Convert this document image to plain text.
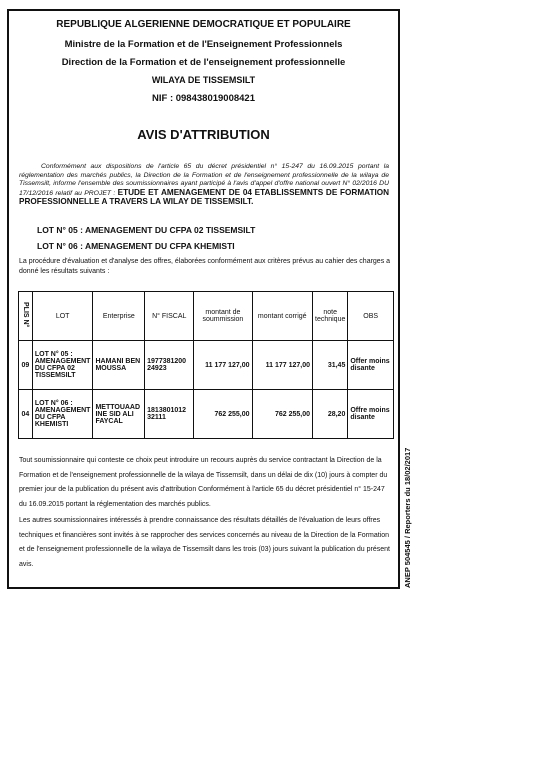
REPUBLIQUE ALGERIENNE DEMOCRATIQUE ET POPULAIRE
Ministre de la Formation et de l'Enseignement Professionnels
Direction de la Formation et de l'enseignement professionnelle
WILAYA DE TISSEMSILT
NIF : 098438019008421
AVIS D'ATTRIBUTION
Conformément aux dispositions de l'article 65 du décret présidentiel n° 15-247 du 16.09.2015 portant la réglementation des marchés publics, la Direction de la Formation et de l'enseignement professionnelle de la wilaya de Tissemsilt, informe l'ensemble des soumissionnaires ayant participé à l'avis d'appel d'offre national ouvert N° 02/2016 DU 17/12/2016 relatif au PROJET : ETUDE ET AMENAGEMENT DE 04 ETABLISSEMNTS DE FORMATION PROFESSIONNELLE A TRAVERS LA WILAY DE TISSEMSILT.
LOT N° 05 : AMENAGEMENT DU CFPA 02 TISSEMSILT
LOT N° 06 : AMENAGEMENT DU CFPA KHEMISTI
La procédure d'évaluation et d'analyse des offres, élaborées conformément aux critères prévus au cahier des charges a donné les résultats suivants :
PLIS N°	LOT	Enterprise	N° FISCAL	montant de soummission	montant corrigé	note technique	OBS
09	LOT N° 05 : AMENAGEMENT DU CFPA 02 TISSEMSILT	HAMANI BEN MOUSSA	1977381200 24923	11 177 127,00	11 177 127,00	31,45	Offer moins disante
04	LOT N° 06 : AMENAGEMENT DU CFPA KHEMISTI	METTOUAAD INE SID ALI FAYCAL	1813801012 32111	762 255,00	762 255,00	28,20	Offre moins disante

Tout soumissionnaire qui conteste ce choix peut introduire un recours auprès du service contractant la Direction de la Formation et de l'enseignement professionnelle de la wilaya de Tissemsilt, dans un délai de dix (10) jours à compter du premier jour de la publication du présent avis d'attribution Conformément à l'article 65 du décret présidentiel n° 15-247 du 16.09.2015 portant la réglementation des marchés publics.

Les autres soumissionnaires intéressés à prendre connaissance des résultats détaillés de l'évaluation de leurs offres techniques et financières sont invités à se rapprocher des services concernés au niveau de la Direction de la Formation et de l'enseignement professionnelle de la wilaya de Tissemsilt dans les trois (03) jours suivant la publication du présent avis.	ANEP 504545 / Reporters du 18/02/2017
